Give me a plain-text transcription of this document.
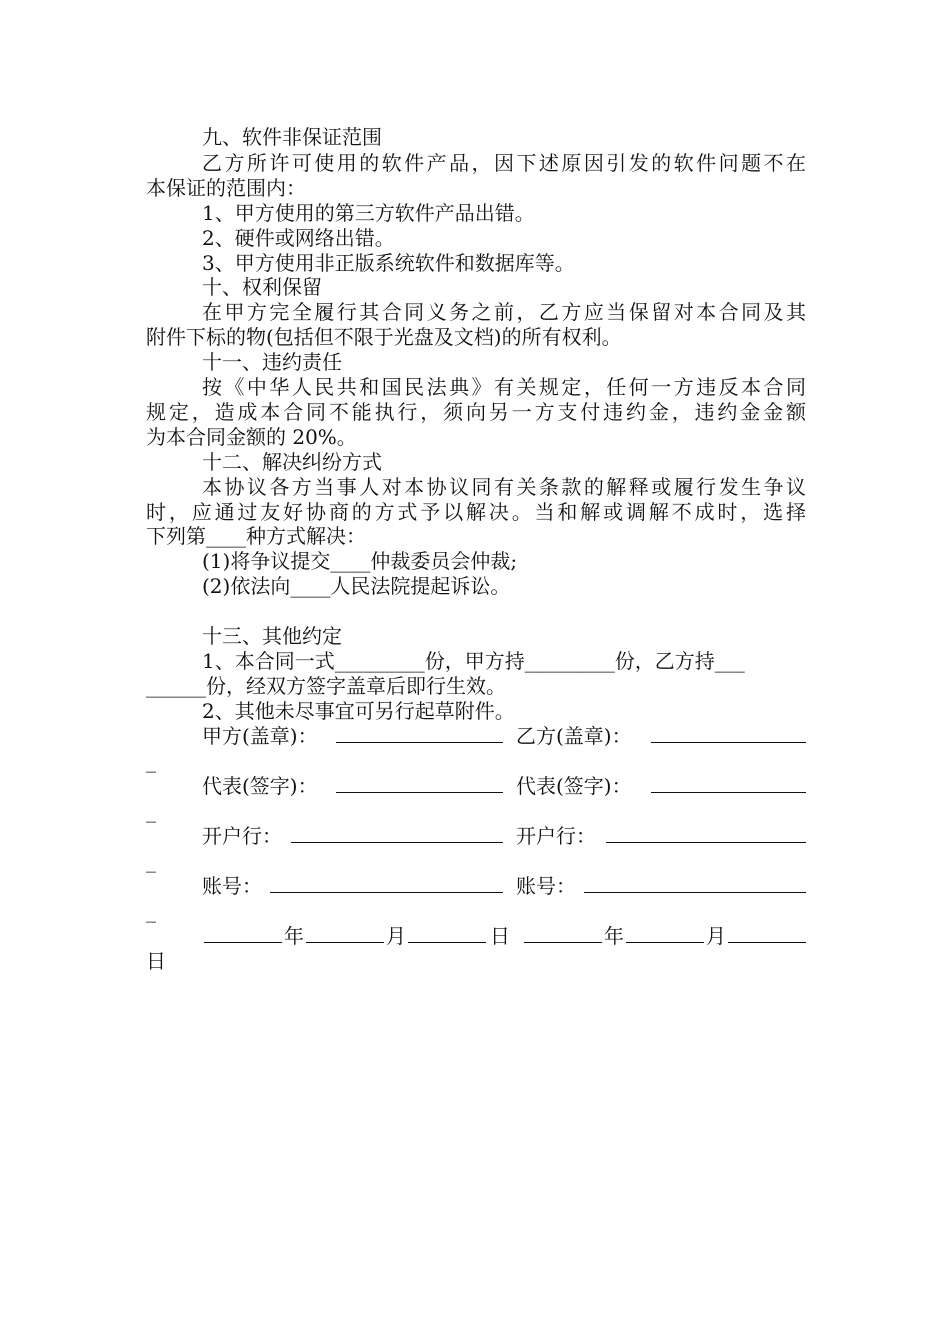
九、软件非保证范围
乙方所许可使用的软件产品，因下述原因引发的软件问题不在
本保证的范围内：
1、甲方使用的第三方软件产品出错。
2、硬件或网络出错。
3、甲方使用非正版系统软件和数据库等。
十、权利保留
在甲方完全履行其合同义务之前，乙方应当保留对本合同及其
附件下标的物(包括但不限于光盘及文档)的所有权利。
十一、违约责任
按《中华人民共和国民法典》有关规定，任何一方违反本合同
规定，造成本合同不能执行，须向另一方支付违约金，违约金金额
为本合同金额的 20%。
十二、解决纠纷方式
本协议各方当事人对本协议同有关条款的解释或履行发生争议
时，应通过友好协商的方式予以解决。当和解或调解不成时，选择
下列第____种方式解决：
(1)将争议提交____仲裁委员会仲裁;
(2)依法向____人民法院提起诉讼。
十三、其他约定
1、本合同一式_________份，甲方持_________份，乙方持___
______份，经双方签字盖章后即行生效。
2、其他未尽事宜可另行起草附件。
甲方(盖章)：	乙方(盖章)：
_
代表(签字)：	代表(签字)：
_
开户行：	开户行：
_
账号：	账号：
_
年	月	日	年	月
日
